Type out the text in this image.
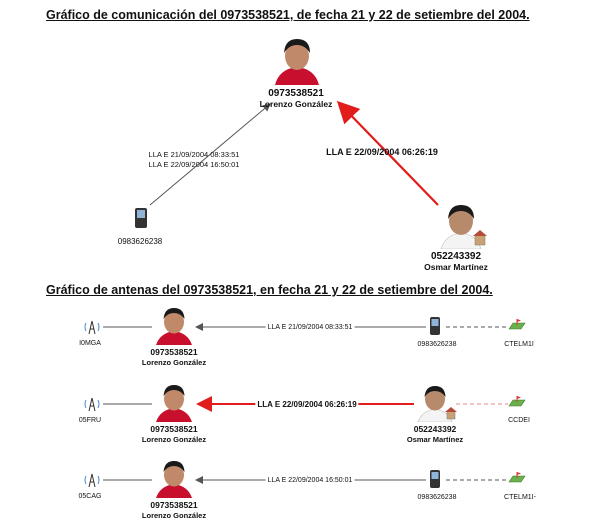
Gráfico de comunicación del 0973538521, de fecha 21 y 22 de setiembre del 2004.
Gráfico de antenas del 0973538521, en fecha 21 y 22 de setiembre del 2004.
0973538521
Lorenzo González
LLA E 21/09/2004 08:33:51
LLA E 22/09/2004 16:50:01
LLA E 22/09/2004 06:26:19
0983626238
052243392
Osmar Martínez
I0MGA
0973538521
Lorenzo González
LLA E 21/09/2004 08:33:51
0983626238	CTELM1I
05FRU
0973538521
Lorenzo González
LLA E 22/09/2004 06:26:19
052243392
Osmar Martínez
CCDEI
05CAG
0973538521
Lorenzo González
LLA E 22/09/2004 16:50:01
0983626238	CTELM1I-
